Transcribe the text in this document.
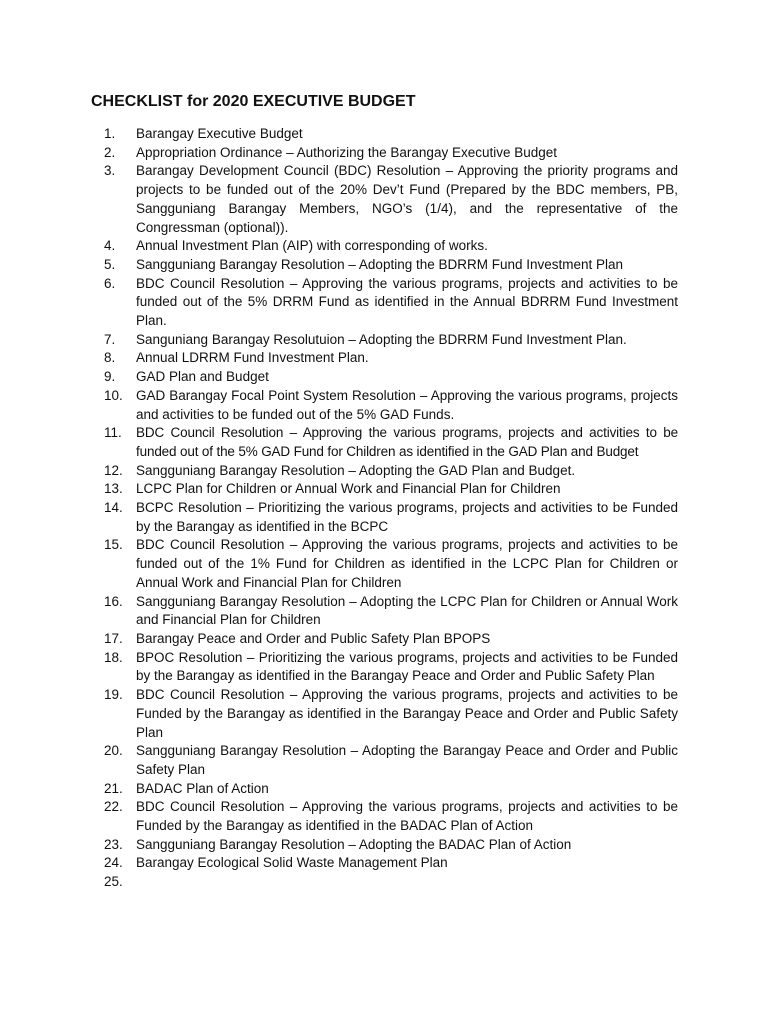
CHECKLIST for 2020 EXECUTIVE BUDGET
1.	Barangay Executive Budget
2.	Appropriation Ordinance – Authorizing the Barangay Executive Budget
3.	Barangay Development Council (BDC) Resolution – Approving the priority programs and projects to be funded out of the 20% Dev’t Fund (Prepared by the BDC members, PB, Sangguniang Barangay Members, NGO’s (1/4), and the representative of the Congressman (optional)).
4.	Annual Investment Plan (AIP) with corresponding of works.
5.	Sangguniang Barangay Resolution – Adopting the BDRRM Fund Investment Plan
6.	BDC Council Resolution – Approving the various programs, projects and activities to be funded out of the 5% DRRM Fund as identified in the Annual BDRRM Fund Investment Plan.
7.	Sanguniang Barangay Resolutuion – Adopting the BDRRM Fund Investment Plan.
8.	Annual LDRRM Fund Investment Plan.
9.	GAD Plan and Budget
10. GAD Barangay Focal Point System Resolution – Approving the various programs, projects and activities to be funded out of the 5% GAD Funds.
11.	BDC Council Resolution – Approving the various programs, projects and activities to be funded out of the 5% GAD Fund for Children as identified in the GAD Plan and Budget
12. Sangguniang Barangay Resolution – Adopting the GAD Plan and Budget.
13. LCPC Plan for Children or Annual Work and Financial Plan for Children
14. BCPC Resolution – Prioritizing the various programs, projects and activities to be Funded by the Barangay as identified in the BCPC
15. BDC Council Resolution – Approving the various programs, projects and activities to be funded out of the 1% Fund for Children as identified in the LCPC Plan for Children or Annual Work and Financial Plan for Children
16. Sangguniang Barangay Resolution – Adopting the LCPC Plan for Children or Annual Work and Financial Plan for Children
17. Barangay Peace and Order and Public Safety Plan BPOPS
18. BPOC Resolution – Prioritizing the various programs, projects and activities to be Funded by the Barangay as identified in the Barangay Peace and Order and Public Safety Plan
19. BDC Council Resolution – Approving the various programs, projects and activities to be Funded by the Barangay as identified in the Barangay Peace and Order and Public Safety Plan
20. Sangguniang Barangay Resolution – Adopting the Barangay Peace and Order and Public Safety Plan
21. BADAC Plan of Action
22. BDC Council Resolution – Approving the various programs, projects and activities to be Funded by the Barangay as identified in the BADAC Plan of Action
23. Sangguniang Barangay Resolution – Adopting the BADAC Plan of Action
24. Barangay Ecological Solid Waste Management Plan
25.
